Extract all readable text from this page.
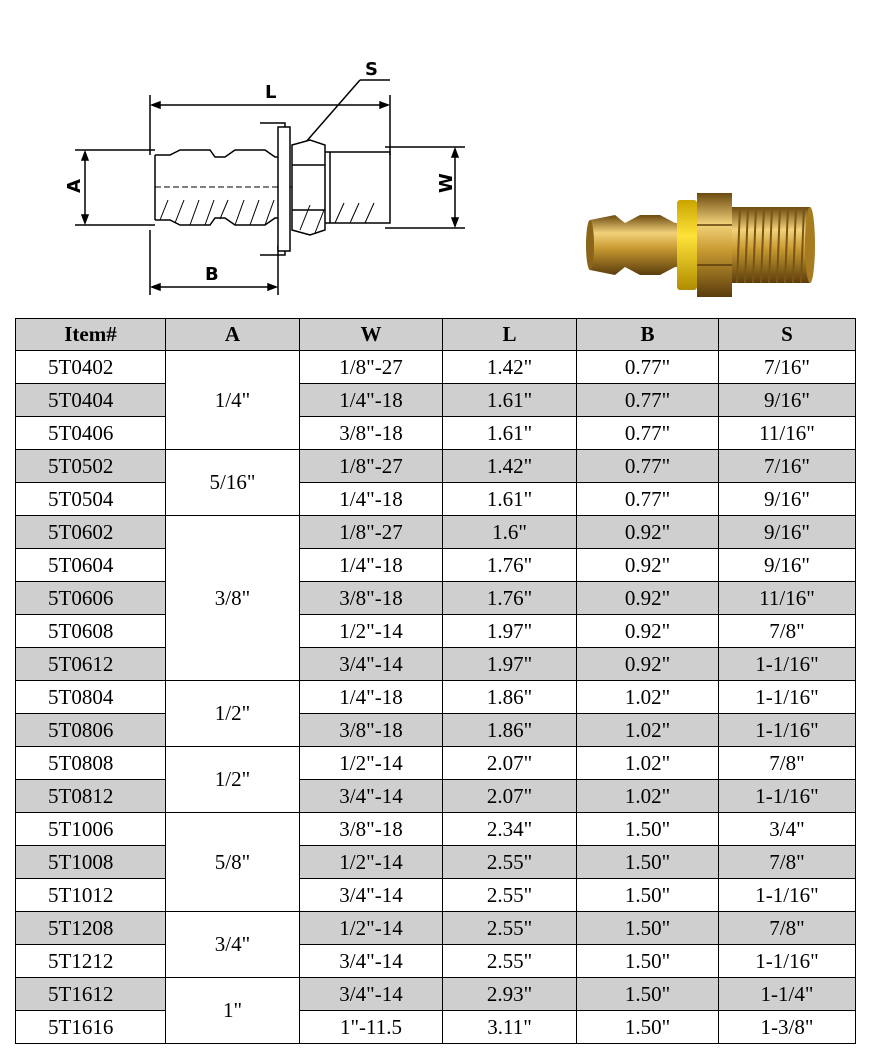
L
S
A	W
B
Item#	A	W	L	B	S
5T0402	1/4"	1/8"-27	1.42"	0.77"	7/16"
5T0404		1/4"-18	1.61"	0.77"	9/16"
5T0406		3/8"-18	1.61"	0.77"	11/16"
5T0502	5/16"	1/8"-27	1.42"	0.77"	7/16"
5T0504		1/4"-18	1.61"	0.77"	9/16"
5T0602	3/8"	1/8"-27	1.6"	0.92"	9/16"
5T0604		1/4"-18	1.76"	0.92"	9/16"
5T0606		3/8"-18	1.76"	0.92"	11/16"
5T0608		1/2"-14	1.97"	0.92"	7/8"
5T0612		3/4"-14	1.97"	0.92"	1-1/16"
5T0804	1/2"	1/4"-18	1.86"	1.02"	1-1/16"
5T0806		3/8"-18	1.86"	1.02"	1-1/16"
5T0808	1/2"	1/2"-14	2.07"	1.02"	7/8"
5T0812		3/4"-14	2.07"	1.02"	1-1/16"
5T1006	5/8"	3/8"-18	2.34"	1.50"	3/4"
5T1008		1/2"-14	2.55"	1.50"	7/8"
5T1012		3/4"-14	2.55"	1.50"	1-1/16"
5T1208	3/4"	1/2"-14	2.55"	1.50"	7/8"
5T1212		3/4"-14	2.55"	1.50"	1-1/16"
5T1612	1"	3/4"-14	2.93"	1.50"	1-1/4"
5T1616		1"-11.5	3.11"	1.50"	1-3/8"
